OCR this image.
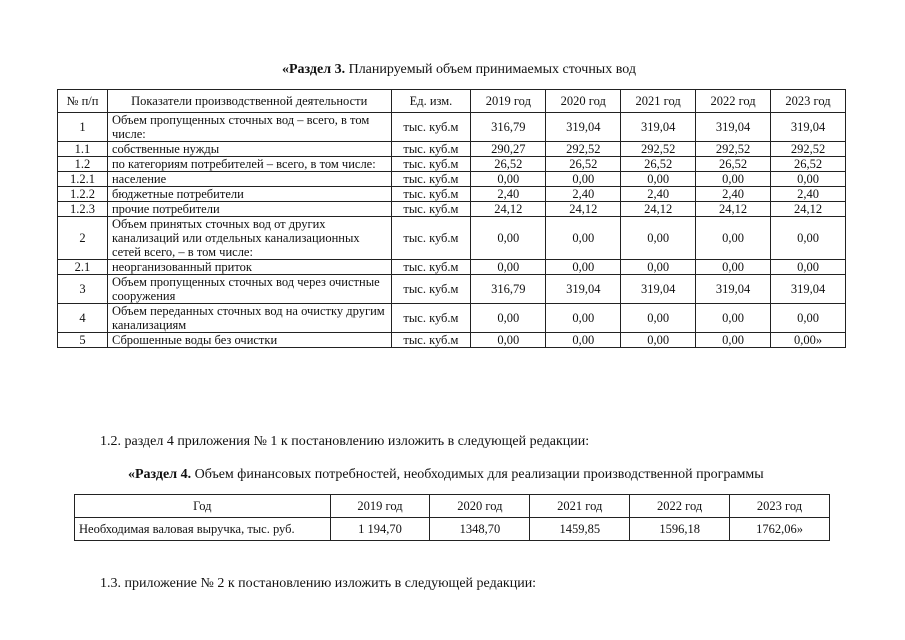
«Раздел 3. Планируемый объем принимаемых сточных вод
№ п/п	Показатели производственной деятельности	Ед. изм.	2019 год	2020 год	2021 год	2022 год	2023 год
1	Объем пропущенных сточных вод – всего, в том числе:	тыс. куб.м	316,79	319,04	319,04	319,04	319,04
1.1	собственные нужды	тыс. куб.м	290,27	292,52	292,52	292,52	292,52
1.2	по категориям потребителей – всего, в том числе:	тыс. куб.м	26,52	26,52	26,52	26,52	26,52
1.2.1	население	тыс. куб.м	0,00	0,00	0,00	0,00	0,00
1.2.2	бюджетные потребители	тыс. куб.м	2,40	2,40	2,40	2,40	2,40
1.2.3	прочие потребители	тыс. куб.м	24,12	24,12	24,12	24,12	24,12
2	Объем принятых сточных вод от других канализаций или отдельных канализационных сетей всего, – в том числе:	тыс. куб.м	0,00	0,00	0,00	0,00	0,00
2.1	неорганизованный приток	тыс. куб.м	0,00	0,00	0,00	0,00	0,00
3	Объем пропущенных сточных вод через очистные сооружения	тыс. куб.м	316,79	319,04	319,04	319,04	319,04
4	Объем переданных сточных вод на очистку другим канализациям	тыс. куб.м	0,00	0,00	0,00	0,00	0,00
5	Сброшенные воды без очистки	тыс. куб.м	0,00	0,00	0,00	0,00	0,00»
1.2. раздел 4 приложения № 1 к постановлению изложить в следующей редакции:
«Раздел 4. Объем финансовых потребностей, необходимых для реализации производственной программы
Год	2019 год	2020 год	2021 год	2022 год	2023 год
Необходимая валовая выручка, тыс. руб.	1 194,70	1348,70	1459,85	1596,18	1762,06»
1.3. приложение № 2 к постановлению изложить в следующей редакции:
